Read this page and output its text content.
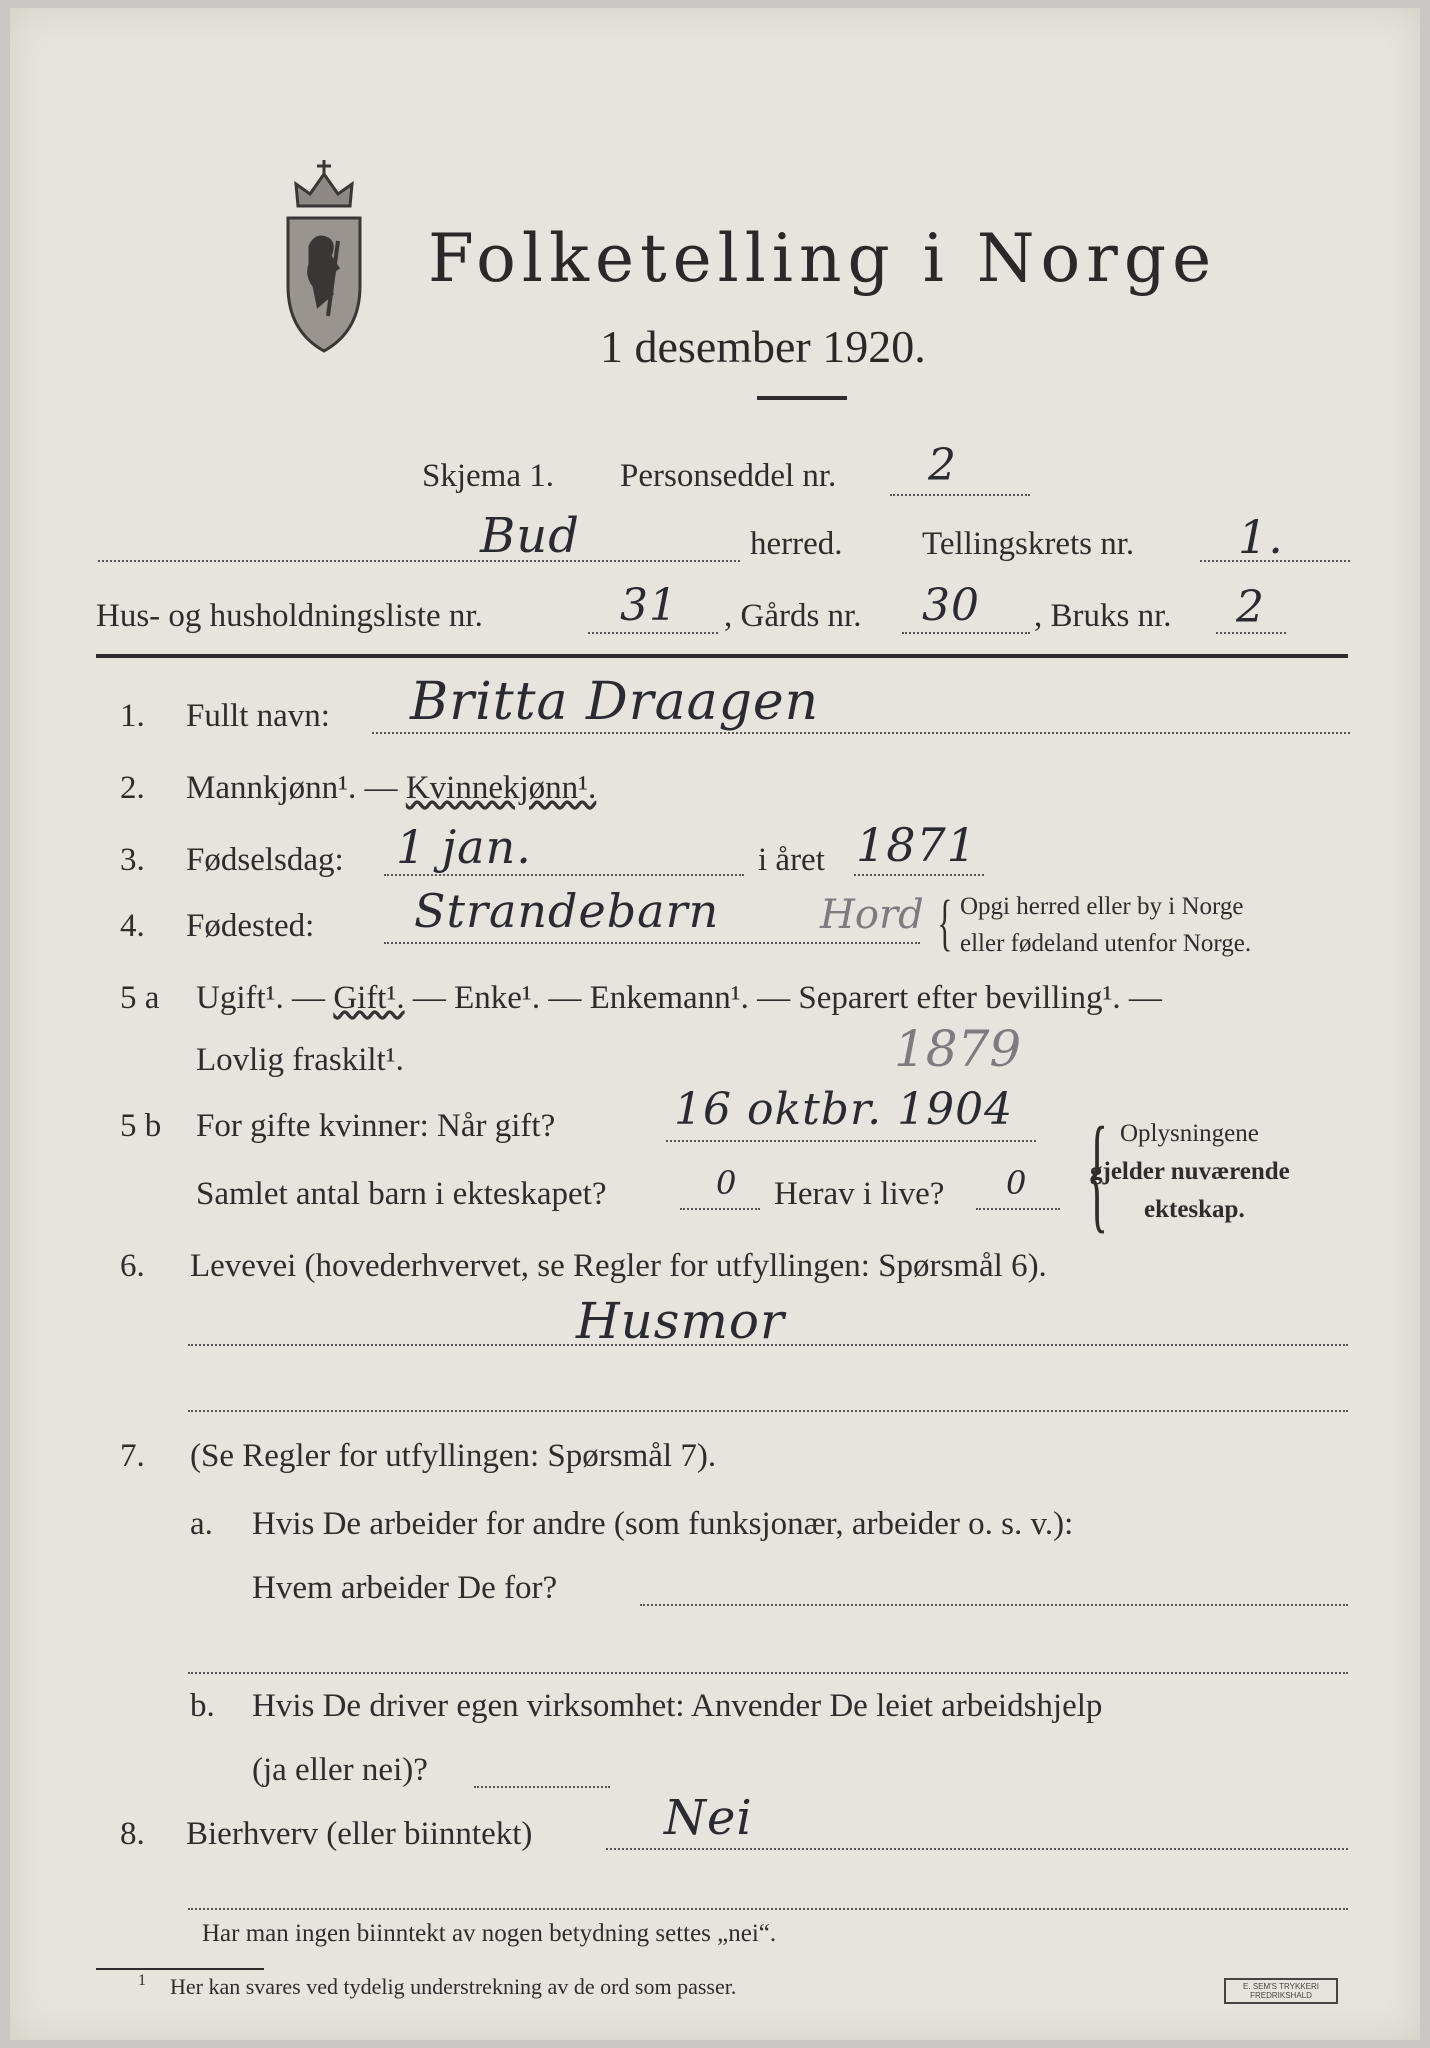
Folketelling i Norge
1 desember 1920.
Skjema 1. Personseddel nr. 2
Bud	herred. Tellingskrets nr. 1.
Hus- og husholdningsliste nr.	31 , Gårds nr. 30 , Bruks nr. 2
1. Fullt navn: Britta Draagen
2. Mannkjønn¹. — Kvinnekjønn¹.
3. Fødselsdag: 1 jan.	i året 1871
4. Fødested: Strandebarn	Hord { Opgi herred eller by i Norge
eller fødeland utenfor Norge.
5 a Ugift¹. — Gift¹. — Enke¹. — Enkemann¹. — Separert efter bevilling¹. —
Lovlig fraskilt¹.	1879
5 b For gifte kvinner: Når gift?	16 oktbr. 1904
Samlet antal barn i ekteskapet?	0 Herav i live? 0 { Oplysningene
gjelder nuværende
ekteskap.
6. Levevei (hovederhvervet, se Regler for utfyllingen: Spørsmål 6).
Husmor
7. (Se Regler for utfyllingen: Spørsmål 7).
a. Hvis De arbeider for andre (som funksjonær, arbeider o. s. v.):
Hvem arbeider De for?
b. Hvis De driver egen virksomhet: Anvender De leiet arbeidshjelp
(ja eller nei)?
8. Bierhverv (eller biinntekt)	Nei
Har man ingen biinntekt av nogen betydning settes „nei“.
1 Her kan svares ved tydelig understrekning av de ord som passer.	E. SEM'S TRYKKERI FREDRIKSHALD
